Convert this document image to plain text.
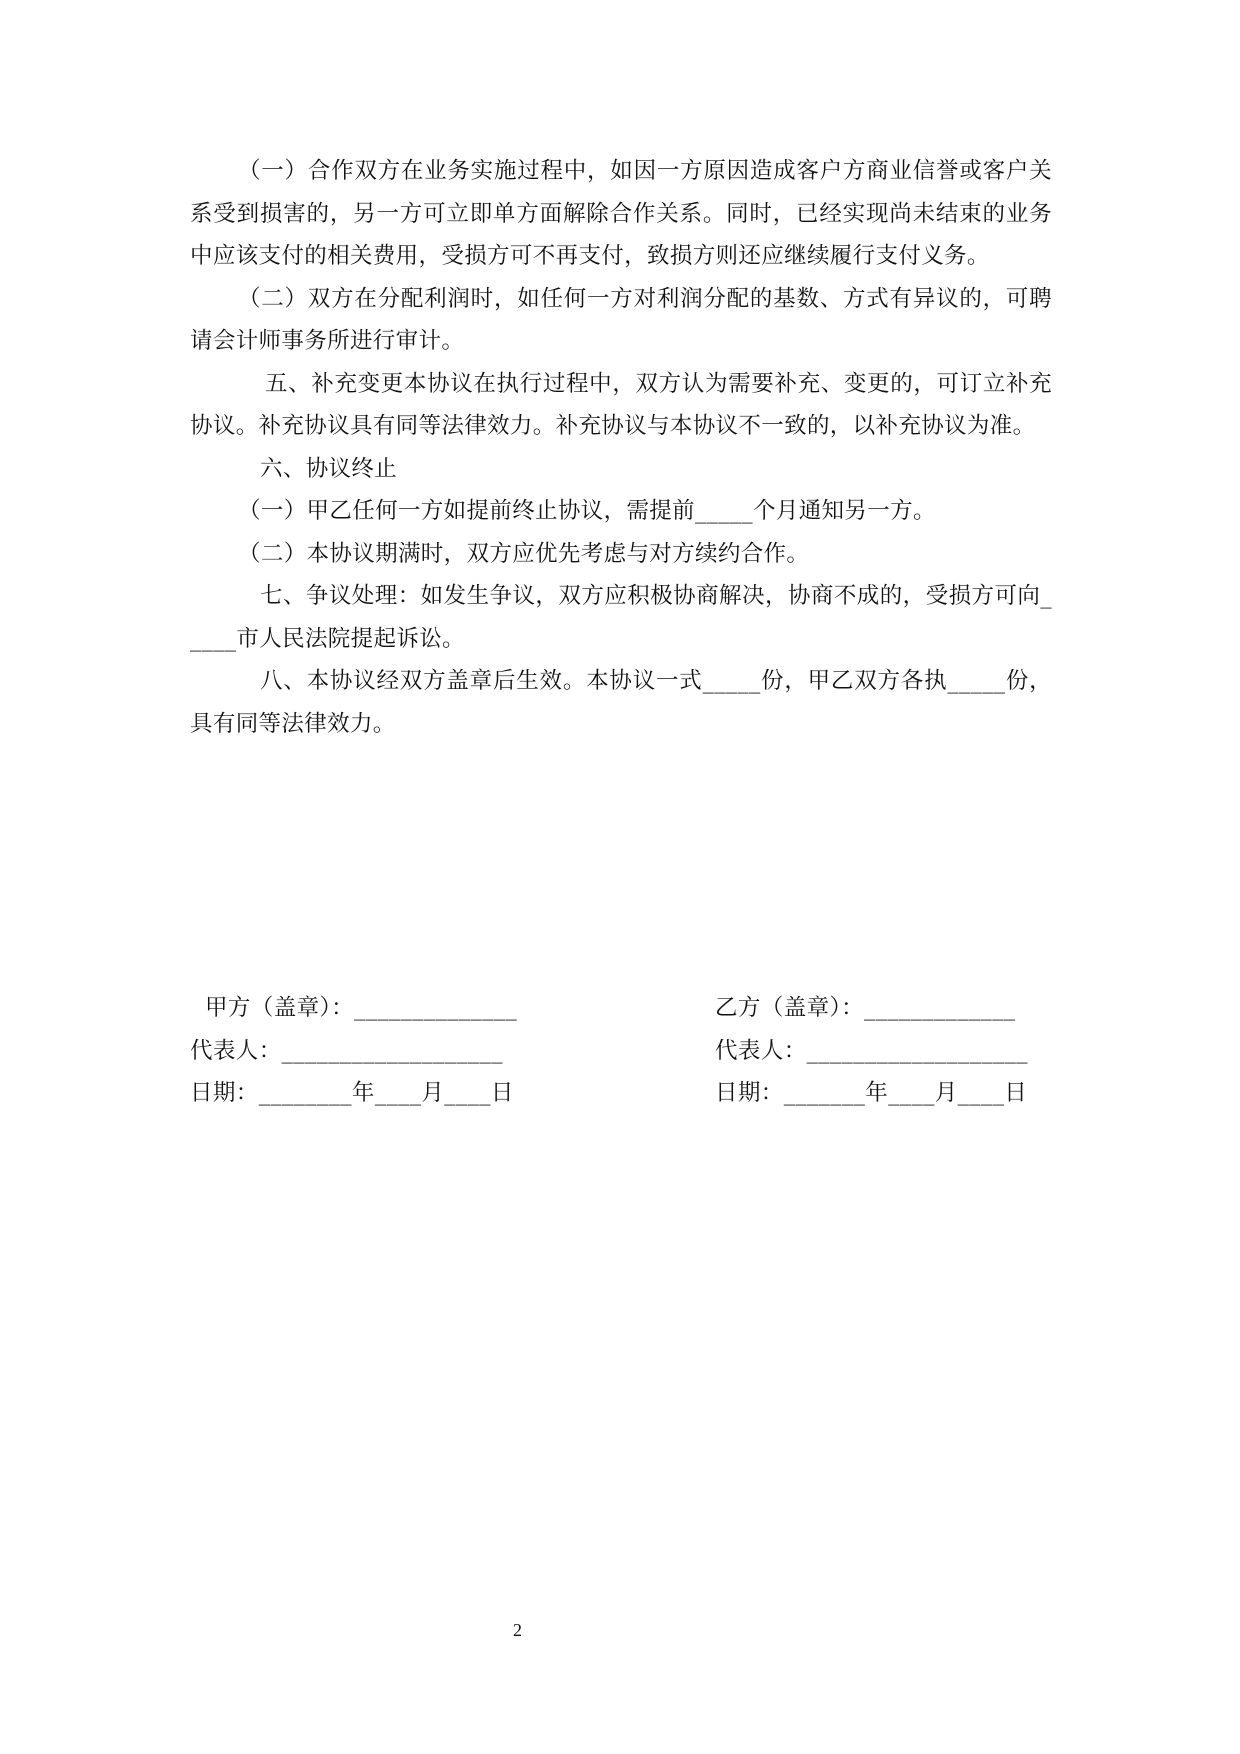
（一）合作双方在业务实施过程中，如因一方原因造成客户方商业信誉或客户关系受到损害的，另一方可立即单方面解除合作关系。同时，已经实现尚未结束的业务中应该支付的相关费用，受损方可不再支付，致损方则还应继续履行支付义务。

（二）双方在分配利润时，如任何一方对利润分配的基数、方式有异议的，可聘请会计师事务所进行审计。

五、补充变更本协议在执行过程中，双方认为需要补充、变更的，可订立补充协议。补充协议具有同等法律效力。补充协议与本协议不一致的，以补充协议为准。

六、协议终止

（一）甲乙任何一方如提前终止协议，需提前_____个月通知另一方。

（二）本协议期满时，双方应优先考虑与对方续约合作。

七、争议处理：如发生争议，双方应积极协商解决，协商不成的，受损方可向_____市人民法院提起诉讼。

八、本协议经双方盖章后生效。本协议一式_____份，甲乙双方各执_____份，具有同等法律效力。

甲方（盖章）：______________	乙方（盖章）：_____________
代表人：___________________	代表人：___________________
日期：________年____月____日	日期：_______年____月____日
2
